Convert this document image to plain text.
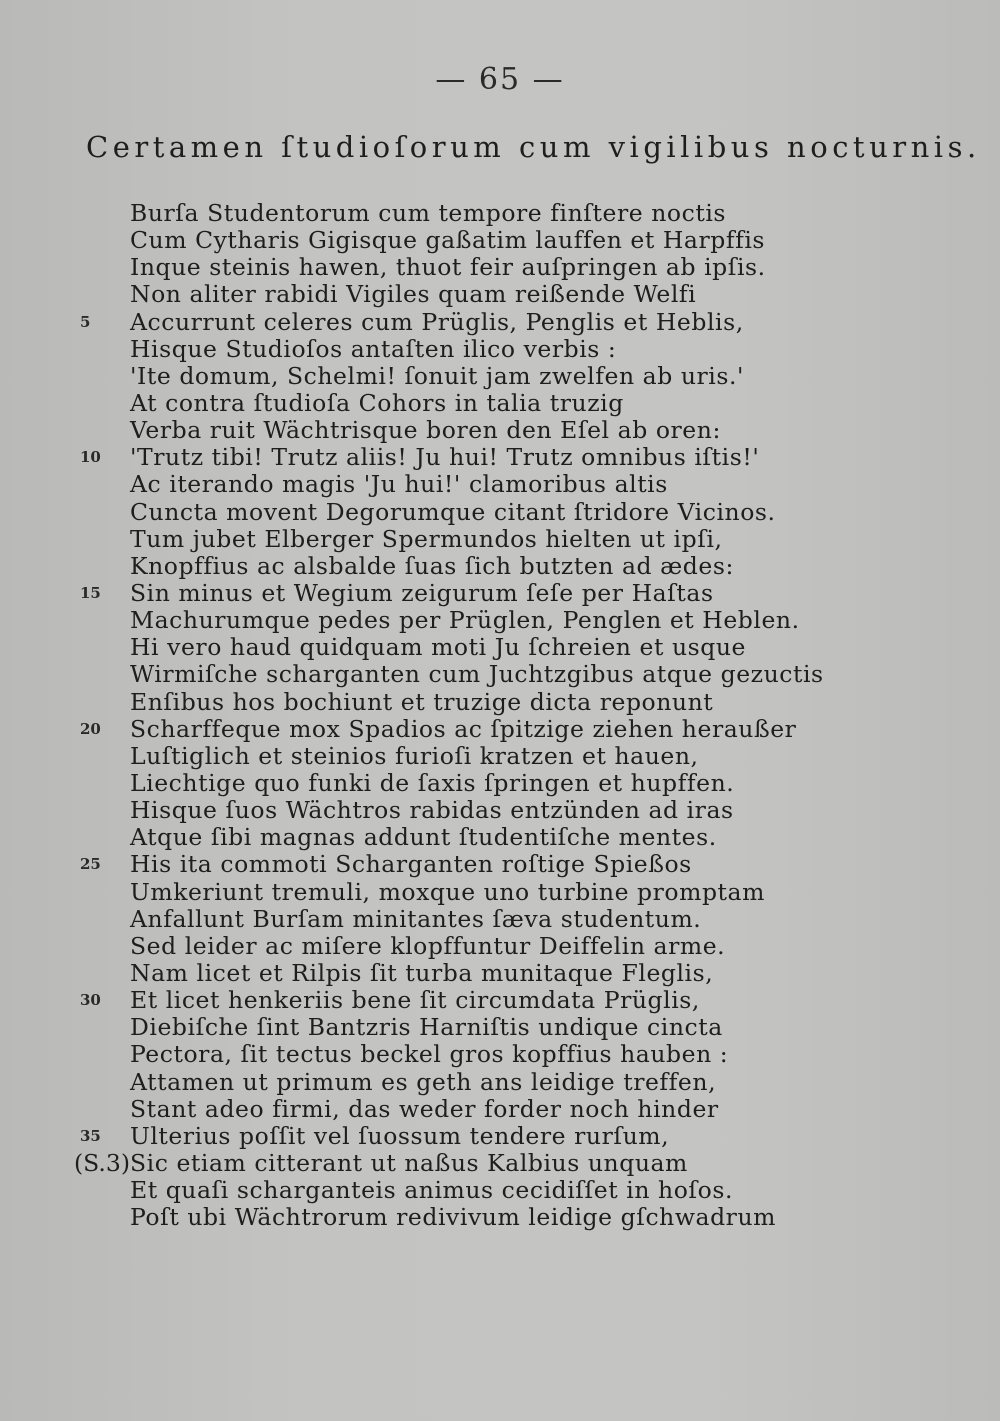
— 65 —
Certamen ſtudioſorum cum vigilibus nocturnis.
Burſa Studentorum cum tempore finſtere noctis
Cum Cytharis Gigisque gaßatim lauffen et Harpffis
Inque steinis hawen, thuot feir auſpringen ab ipſis.
Non aliter rabidi Vigiles quam reißende Welfi
5	Accurrunt celeres cum Prüglis, Penglis et Heblis,
Hisque Studioſos antaſten ilico verbis :
'Ite domum, Schelmi! ſonuit jam zwelfen ab uris.'
At contra ſtudioſa Cohors in talia truzig
Verba ruit Wächtrisque boren den Eſel ab oren:
10	'Trutz tibi! Trutz aliis! Ju hui! Trutz omnibus iſtis!'
Ac iterando magis 'Ju hui!' clamoribus altis
Cuncta movent Degorumque citant ſtridore Vicinos.
Tum jubet Elberger Spermundos hielten ut ipſi,
Knopffius ac alsbalde ſuas ſich butzten ad ædes:
15	Sin minus et Wegium zeigurum ſeſe per Haſtas
Machurumque pedes per Prüglen, Penglen et Heblen.
Hi vero haud quidquam moti Ju ſchreien et usque
Wirmiſche scharganten cum Juchtzgibus atque gezuctis
Enſibus hos bochiunt et truzige dicta reponunt
20	Scharffeque mox Spadios ac ſpitzige ziehen heraußer
Luſtiglich et steinios furioſi kratzen et hauen,
Liechtige quo funki de ſaxis ſpringen et hupffen.
Hisque ſuos Wächtros rabidas entzünden ad iras
Atque ſibi magnas addunt ſtudentiſche mentes.
25	His ita commoti Scharganten roſtige Spießos
Umkeriunt tremuli, moxque uno turbine promptam
Anfallunt Burſam minitantes ſæva studentum.
Sed leider ac miſere klopffuntur Deiffelin arme.
Nam licet et Rilpis ſit turba munitaque Fleglis,
30	Et licet henkeriis bene ſit circumdata Prüglis,
Diebiſche ſint Bantzris Harniſtis undique cincta
Pectora, ſit tectus beckel gros kopffius hauben :
Attamen ut primum es geth ans leidige treffen,
Stant adeo firmi, das weder forder noch hinder
35	Ulterius poſſit vel ſuossum tendere rurſum,
(S.3) Sic etiam citterant ut naßus Kalbius unquam
Et quaſi scharganteis animus cecidiſſet in hoſos.
Poſt ubi Wächtrorum redivivum leidige gſchwadrum
